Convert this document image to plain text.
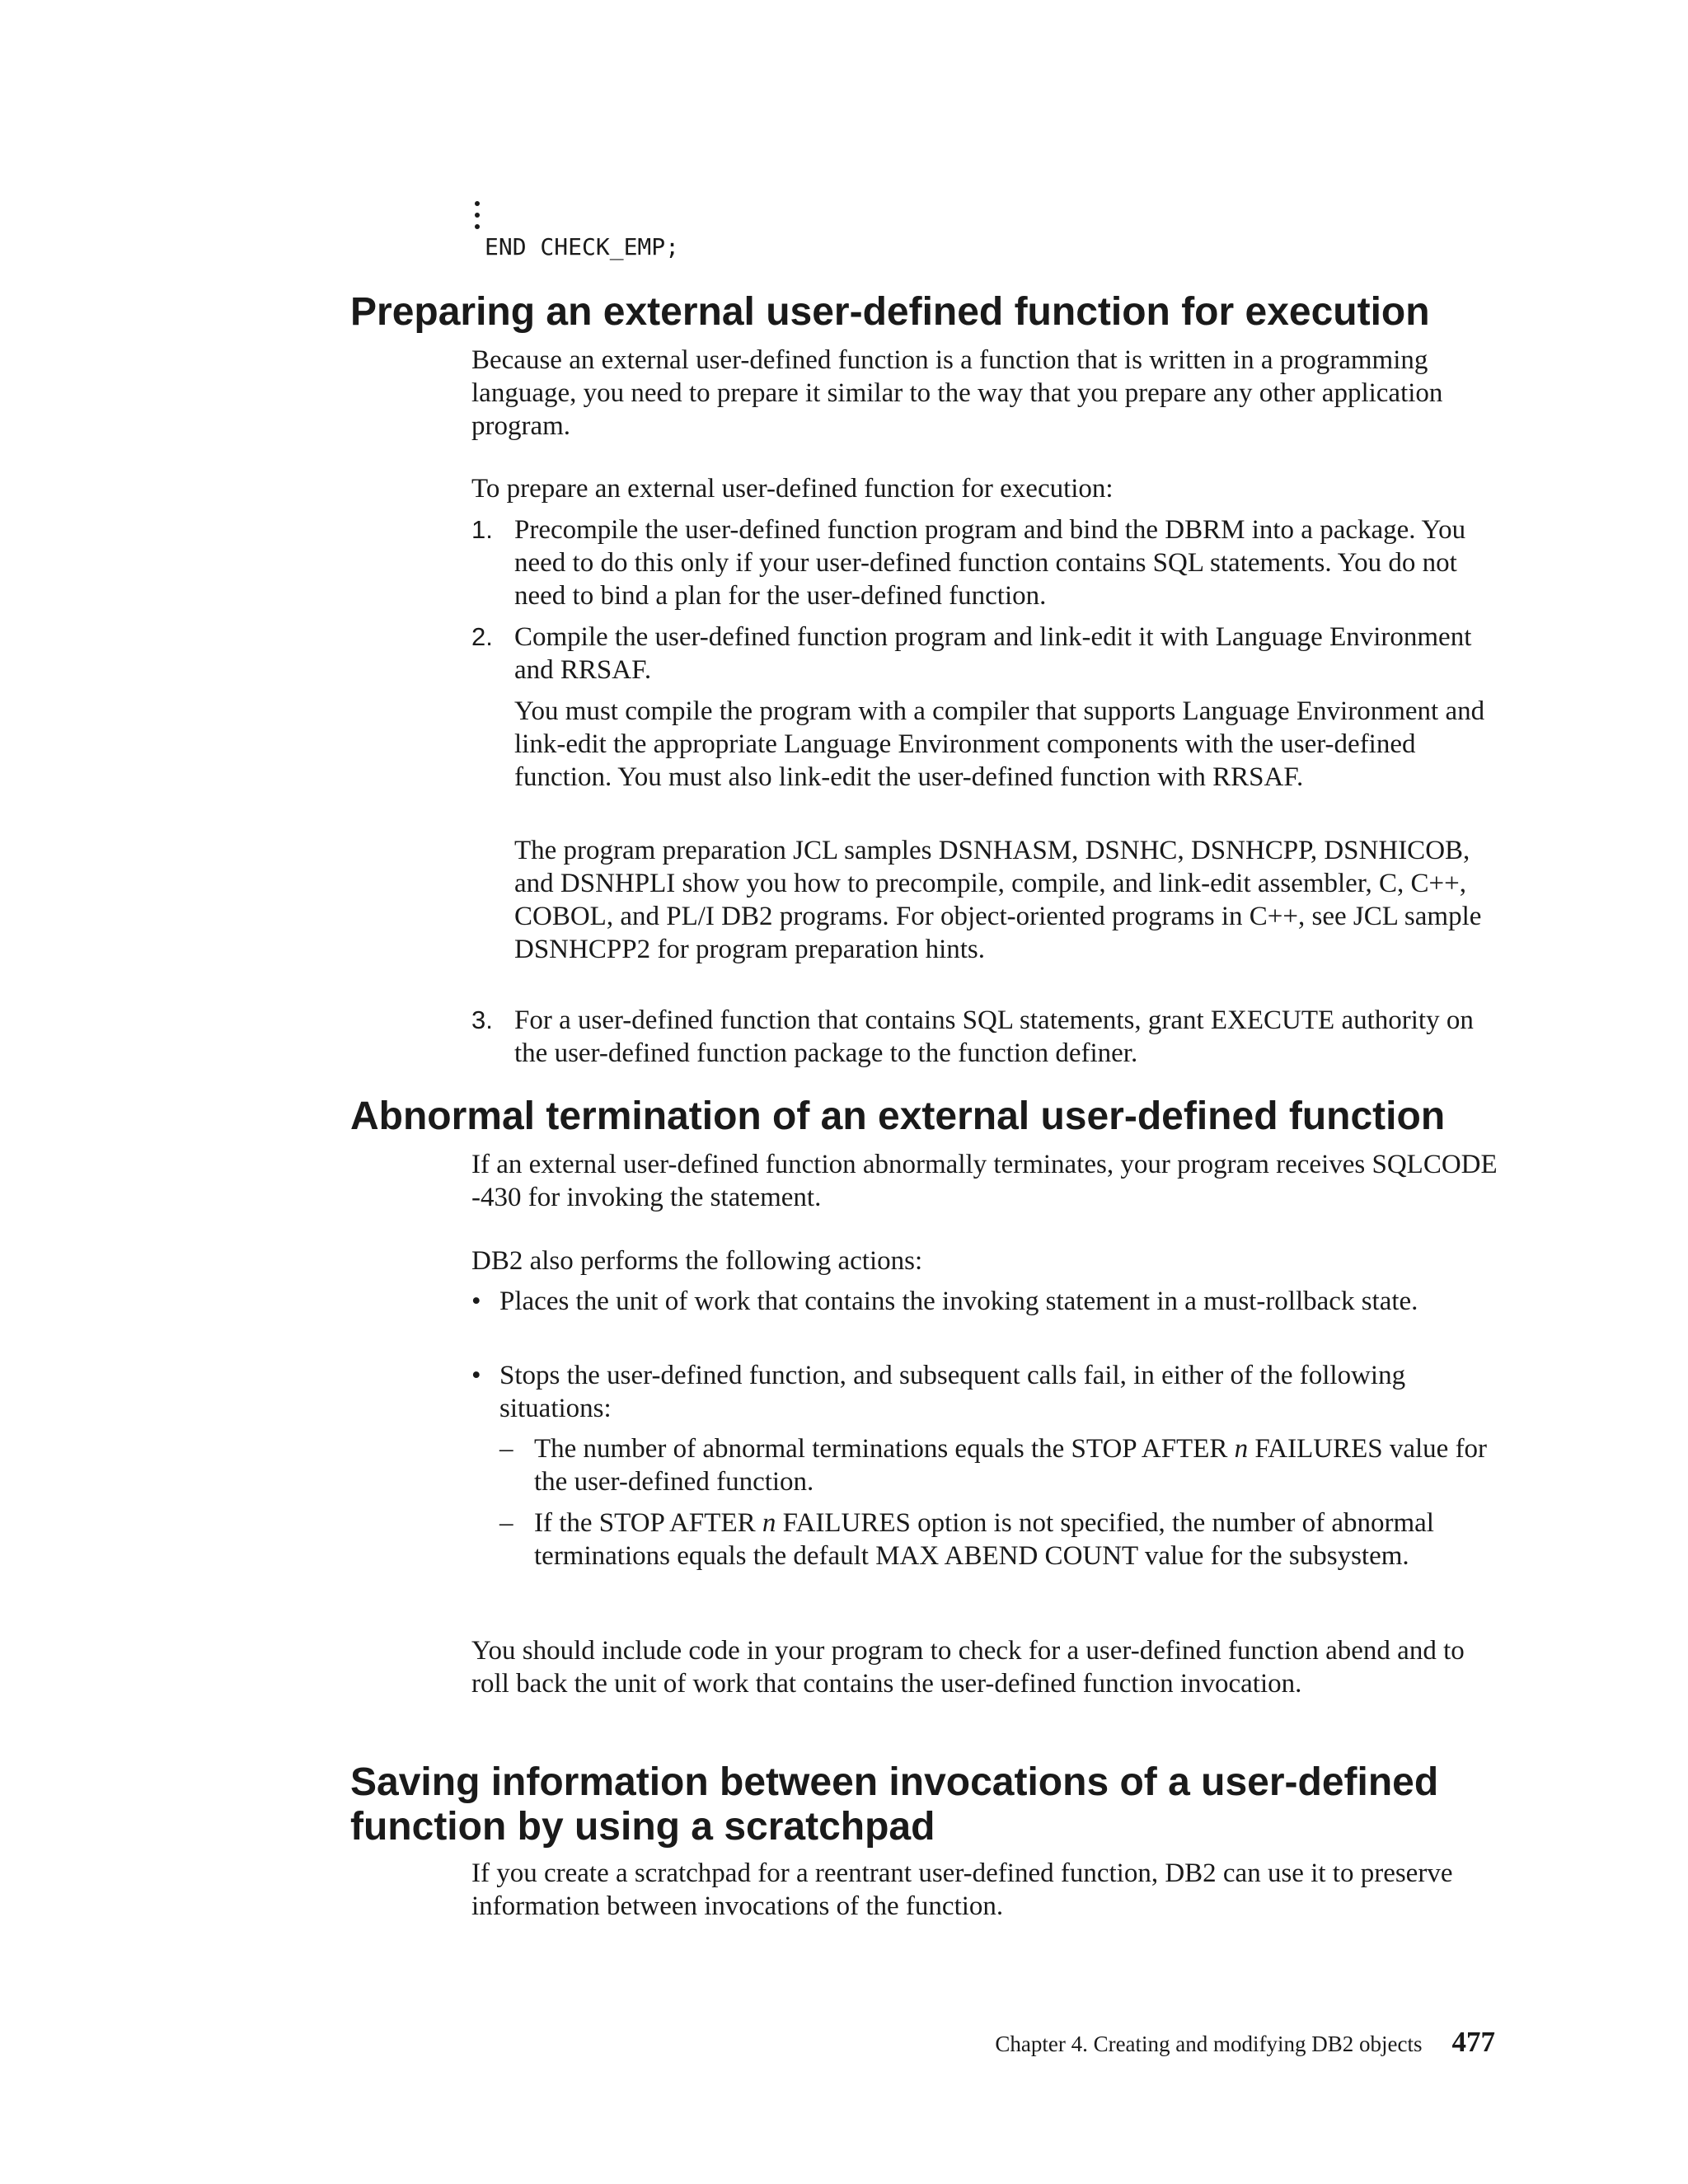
END CHECK_EMP;
Preparing an external user-defined function for execution

Because an external user-defined function is a function that is written in a programming language, you need to prepare it similar to the way that you prepare any other application program.

To prepare an external user-defined function for execution:

1. Precompile the user-defined function program and bind the DBRM into a package. You need to do this only if your user-defined function contains SQL statements. You do not need to bind a plan for the user-defined function.
2. Compile the user-defined function program and link-edit it with Language Environment and RRSAF.

You must compile the program with a compiler that supports Language Environment and link-edit the appropriate Language Environment components with the user-defined function. You must also link-edit the user-defined function with RRSAF.

The program preparation JCL samples DSNHASM, DSNHC, DSNHCPP, DSNHICOB, and DSNHPLI show you how to precompile, compile, and link-edit assembler, C, C++, COBOL, and PL/I DB2 programs. For object-oriented programs in C++, see JCL sample DSNHCPP2 for program preparation hints.

3. For a user-defined function that contains SQL statements, grant EXECUTE authority on the user-defined function package to the function definer.
Abnormal termination of an external user-defined function

If an external user-defined function abnormally terminates, your program receives SQLCODE -430 for invoking the statement.

DB2 also performs the following actions:

• Places the unit of work that contains the invoking statement in a must-rollback state.
• Stops the user-defined function, and subsequent calls fail, in either of the following situations:
– The number of abnormal terminations equals the STOP AFTER n FAILURES value for the user-defined function.
– If the STOP AFTER n FAILURES option is not specified, the number of abnormal terminations equals the default MAX ABEND COUNT value for the subsystem.

You should include code in your program to check for a user-defined function abend and to roll back the unit of work that contains the user-defined function invocation.

Saving information between invocations of a user-defined function by using a scratchpad

If you create a scratchpad for a reentrant user-defined function, DB2 can use it to preserve information between invocations of the function.

Chapter 4. Creating and modifying DB2 objects 477
